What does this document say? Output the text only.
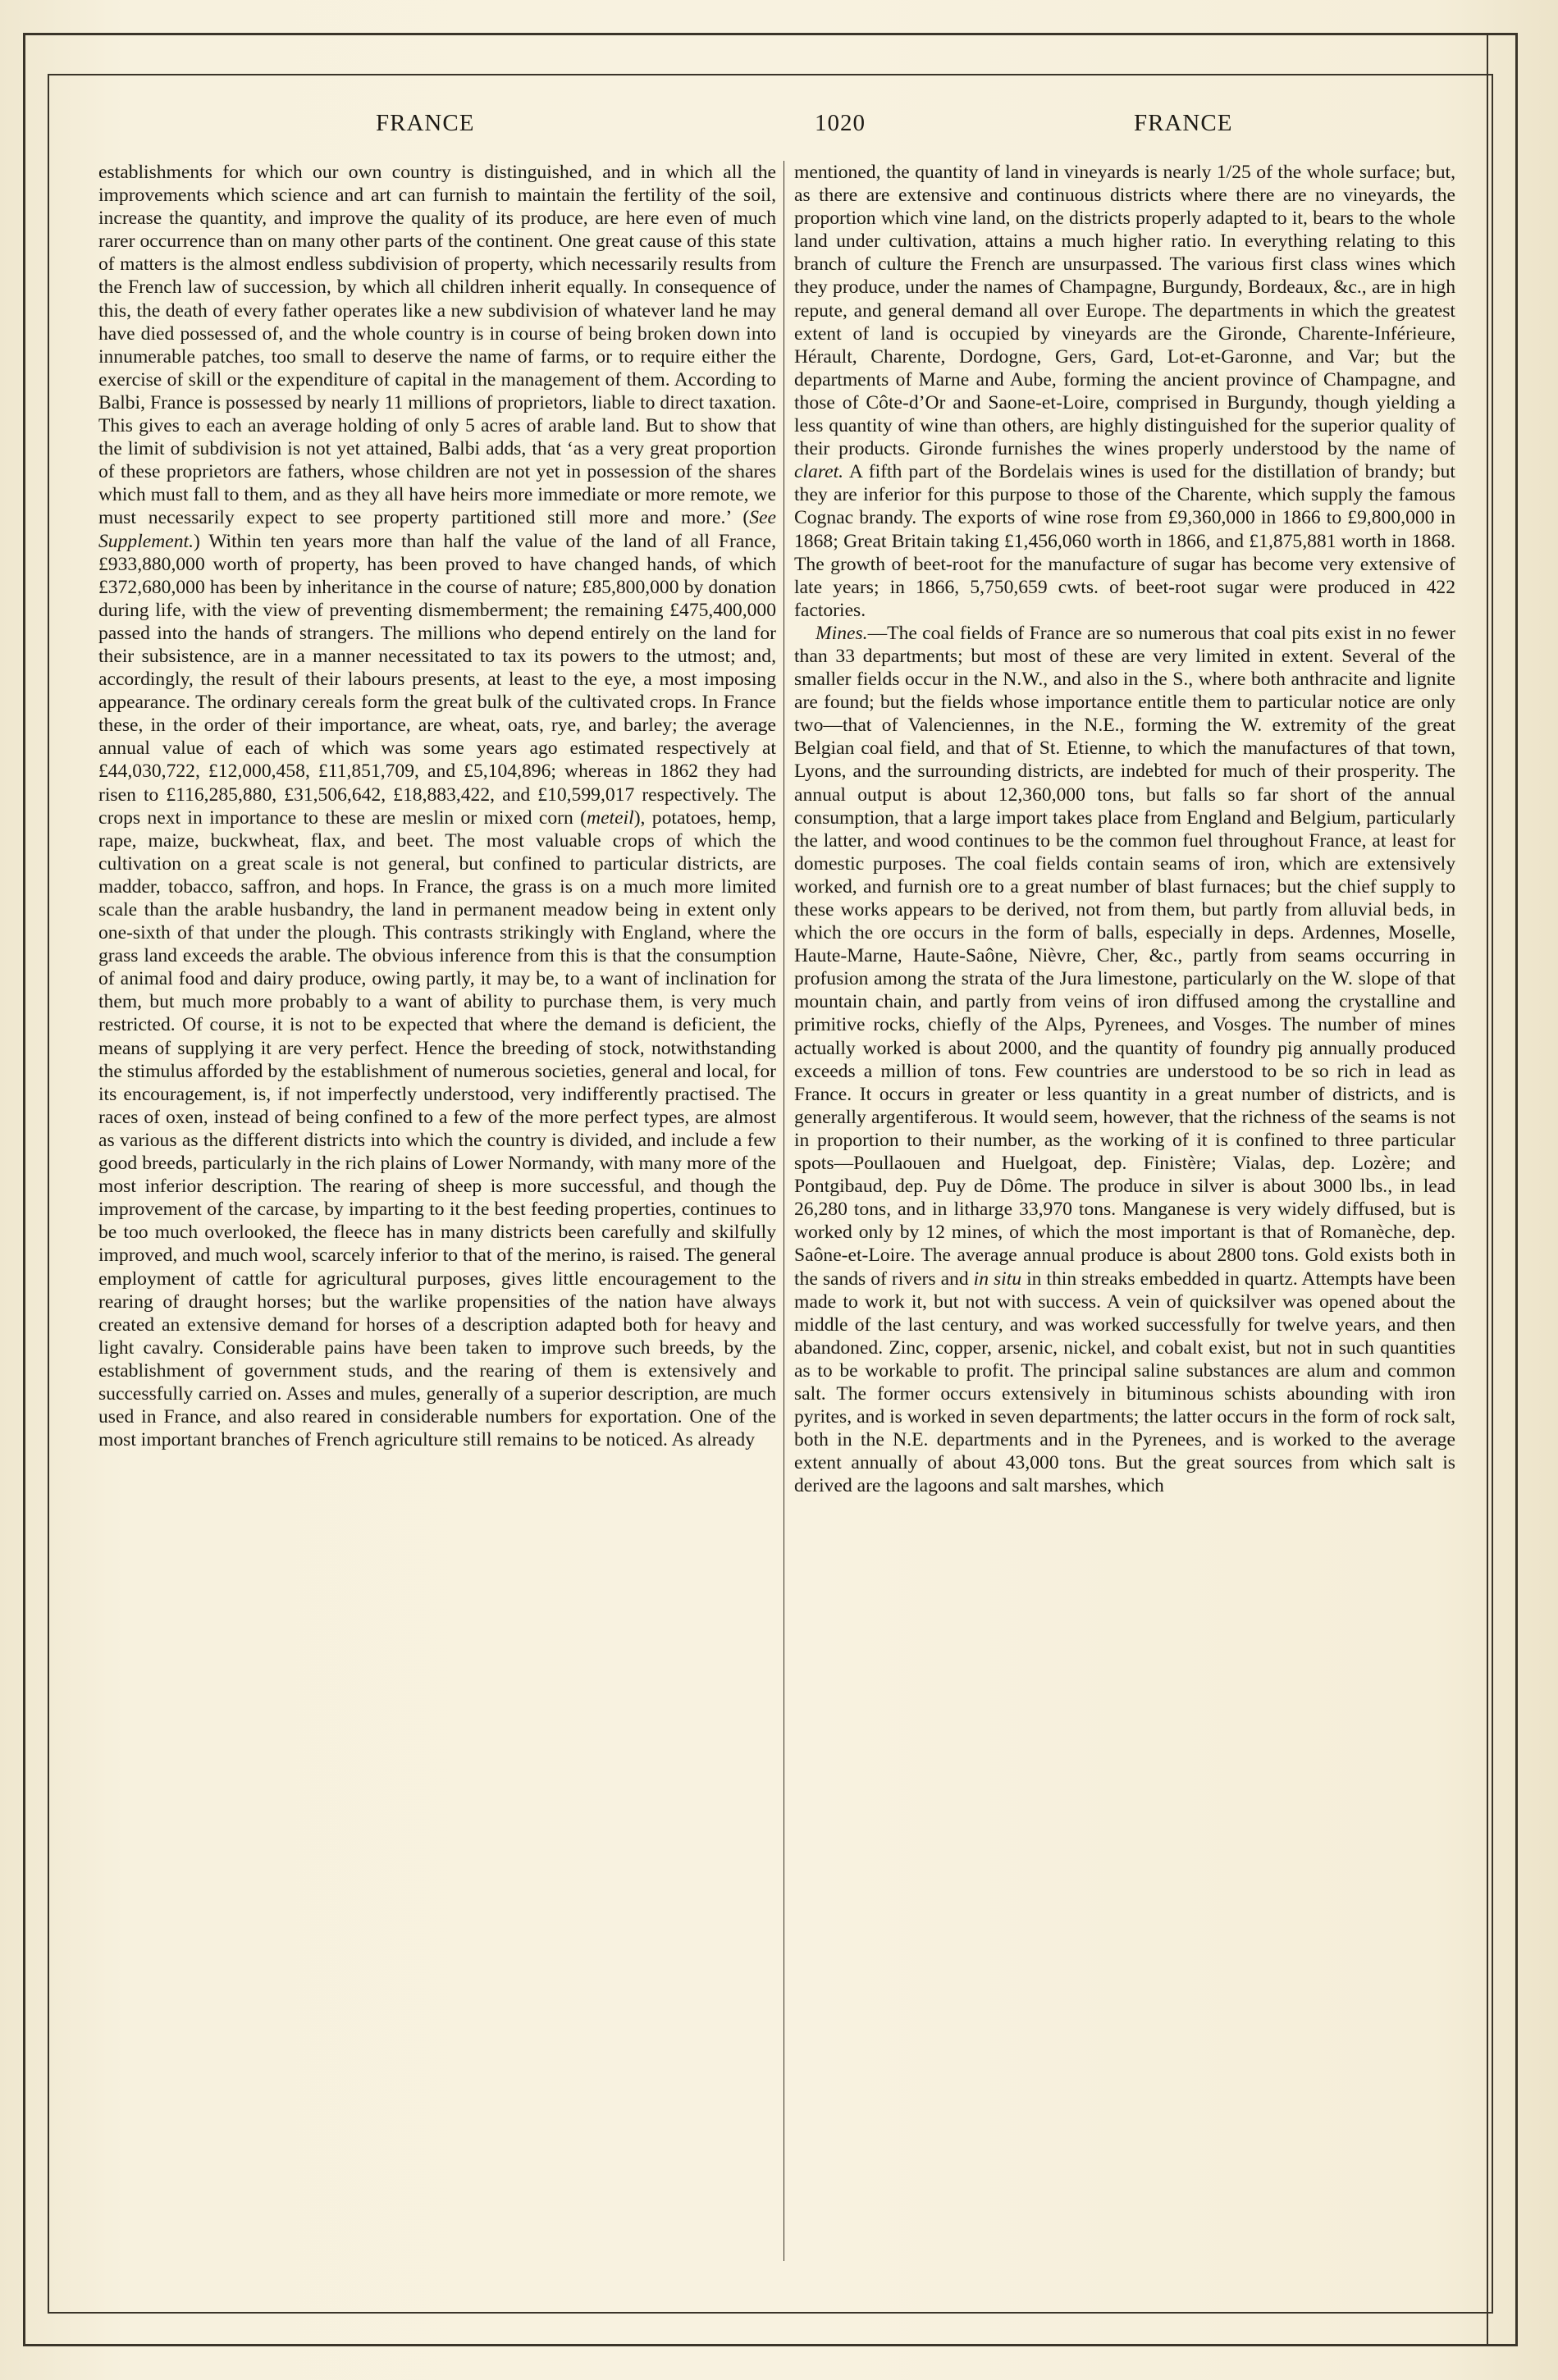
FRANCE	1020	FRANCE

establishments for which our own country is distinguished, and in which all the improvements which science and art can furnish to maintain the fertility of the soil, increase the quantity, and improve the quality of its produce, are here even of much rarer occurrence than on many other parts of the continent. One great cause of this state of matters is the almost endless subdivision of property, which necessarily results from the French law of succession, by which all children inherit equally. In consequence of this, the death of every father operates like a new subdivision of whatever land he may have died possessed of, and the whole country is in course of being broken down into innumerable patches, too small to deserve the name of farms, or to require either the exercise of skill or the expenditure of capital in the management of them. According to Balbi, France is possessed by nearly 11 millions of proprietors, liable to direct taxation. This gives to each an average holding of only 5 acres of arable land. But to show that the limit of subdivision is not yet attained, Balbi adds, that ‘as a very great proportion of these proprietors are fathers, whose children are not yet in possession of the shares which must fall to them, and as they all have heirs more immediate or more remote, we must necessarily expect to see property partitioned still more and more.’ (See Supplement.) Within ten years more than half the value of the land of all France, £933,880,000 worth of property, has been proved to have changed hands, of which £372,680,000 has been by inheritance in the course of nature; £85,800,000 by donation during life, with the view of preventing dismemberment; the remaining £475,400,000 passed into the hands of strangers. The millions who depend entirely on the land for their subsistence, are in a manner necessitated to tax its powers to the utmost; and, accordingly, the result of their labours presents, at least to the eye, a most imposing appearance. The ordinary cereals form the great bulk of the cultivated crops. In France these, in the order of their importance, are wheat, oats, rye, and barley; the average annual value of each of which was some years ago estimated respectively at £44,030,722, £12,000,458, £11,851,709, and £5,104,896; whereas in 1862 they had risen to £116,285,880, £31,506,642, £18,883,422, and £10,599,017 respectively. The crops next in importance to these are meslin or mixed corn (meteil), potatoes, hemp, rape, maize, buckwheat, flax, and beet. The most valuable crops of which the cultivation on a great scale is not general, but confined to particular districts, are madder, tobacco, saffron, and hops. In France, the grass is on a much more limited scale than the arable husbandry, the land in permanent meadow being in extent only one-sixth of that under the plough. This contrasts strikingly with England, where the grass land exceeds the arable. The obvious inference from this is that the consumption of animal food and dairy produce, owing partly, it may be, to a want of inclination for them, but much more probably to a want of ability to purchase them, is very much restricted. Of course, it is not to be expected that where the demand is deficient, the means of supplying it are very perfect. Hence the breeding of stock, notwithstanding the stimulus afforded by the establishment of numerous societies, general and local, for its encouragement, is, if not imperfectly understood, very indifferently practised. The races of oxen, instead of being confined to a few of the more perfect types, are almost as various as the different districts into which the country is divided, and include a few good breeds, particularly in the rich plains of Lower Normandy, with many more of the most inferior description. The rearing of sheep is more successful, and though the improvement of the carcase, by imparting to it the best feeding properties, continues to be too much overlooked, the fleece has in many districts been carefully and skilfully improved, and much wool, scarcely inferior to that of the merino, is raised. The general employment of cattle for agricultural purposes, gives little encouragement to the rearing of draught horses; but the warlike propensities of the nation have always created an extensive demand for horses of a description adapted both for heavy and light cavalry. Considerable pains have been taken to improve such breeds, by the establishment of government studs, and the rearing of them is extensively and successfully carried on. Asses and mules, generally of a superior description, are much used in France, and also reared in considerable numbers for exportation. One of the most important branches of French agriculture still remains to be noticed. As already

mentioned, the quantity of land in vineyards is nearly 1/25 of the whole surface; but, as there are extensive and continuous districts where there are no vineyards, the proportion which vine land, on the districts properly adapted to it, bears to the whole land under cultivation, attains a much higher ratio. In everything relating to this branch of culture the French are unsurpassed. The various first class wines which they produce, under the names of Champagne, Burgundy, Bordeaux, &c., are in high repute, and general demand all over Europe. The departments in which the greatest extent of land is occupied by vineyards are the Gironde, Charente-Inférieure, Hérault, Charente, Dordogne, Gers, Gard, Lot-et-Garonne, and Var; but the departments of Marne and Aube, forming the ancient province of Champagne, and those of Côte-d’Or and Saone-et-Loire, comprised in Burgundy, though yielding a less quantity of wine than others, are highly distinguished for the superior quality of their products. Gironde furnishes the wines properly understood by the name of claret. A fifth part of the Bordelais wines is used for the distillation of brandy; but they are inferior for this purpose to those of the Charente, which supply the famous Cognac brandy. The exports of wine rose from £9,360,000 in 1866 to £9,800,000 in 1868; Great Britain taking £1,456,060 worth in 1866, and £1,875,881 worth in 1868. The growth of beet-root for the manufacture of sugar has become very extensive of late years; in 1866, 5,750,659 cwts. of beet-root sugar were produced in 422 factories.

Mines.—The coal fields of France are so numerous that coal pits exist in no fewer than 33 departments; but most of these are very limited in extent. Several of the smaller fields occur in the N.W., and also in the S., where both anthracite and lignite are found; but the fields whose importance entitle them to particular notice are only two—that of Valenciennes, in the N.E., forming the W. extremity of the great Belgian coal field, and that of St. Etienne, to which the manufactures of that town, Lyons, and the surrounding districts, are indebted for much of their prosperity. The annual output is about 12,360,000 tons, but falls so far short of the annual consumption, that a large import takes place from England and Belgium, particularly the latter, and wood continues to be the common fuel throughout France, at least for domestic purposes. The coal fields contain seams of iron, which are extensively worked, and furnish ore to a great number of blast furnaces; but the chief supply to these works appears to be derived, not from them, but partly from alluvial beds, in which the ore occurs in the form of balls, especially in deps. Ardennes, Moselle, Haute-Marne, Haute-Saône, Nièvre, Cher, &c., partly from seams occurring in profusion among the strata of the Jura limestone, particularly on the W. slope of that mountain chain, and partly from veins of iron diffused among the crystalline and primitive rocks, chiefly of the Alps, Pyrenees, and Vosges. The number of mines actually worked is about 2000, and the quantity of foundry pig annually produced exceeds a million of tons. Few countries are understood to be so rich in lead as France. It occurs in greater or less quantity in a great number of districts, and is generally argentiferous. It would seem, however, that the richness of the seams is not in proportion to their number, as the working of it is confined to three particular spots—Poullaouen and Huelgoat, dep. Finistère; Vialas, dep. Lozère; and Pontgibaud, dep. Puy de Dôme. The produce in silver is about 3000 lbs., in lead 26,280 tons, and in litharge 33,970 tons. Manganese is very widely diffused, but is worked only by 12 mines, of which the most important is that of Romanèche, dep. Saône-et-Loire. The average annual produce is about 2800 tons. Gold exists both in the sands of rivers and in situ in thin streaks embedded in quartz. Attempts have been made to work it, but not with success. A vein of quicksilver was opened about the middle of the last century, and was worked successfully for twelve years, and then abandoned. Zinc, copper, arsenic, nickel, and cobalt exist, but not in such quantities as to be workable to profit. The principal saline substances are alum and common salt. The former occurs extensively in bituminous schists abounding with iron pyrites, and is worked in seven departments; the latter occurs in the form of rock salt, both in the N.E. departments and in the Pyrenees, and is worked to the average extent annually of about 43,000 tons. But the great sources from which salt is derived are the lagoons and salt marshes, which
